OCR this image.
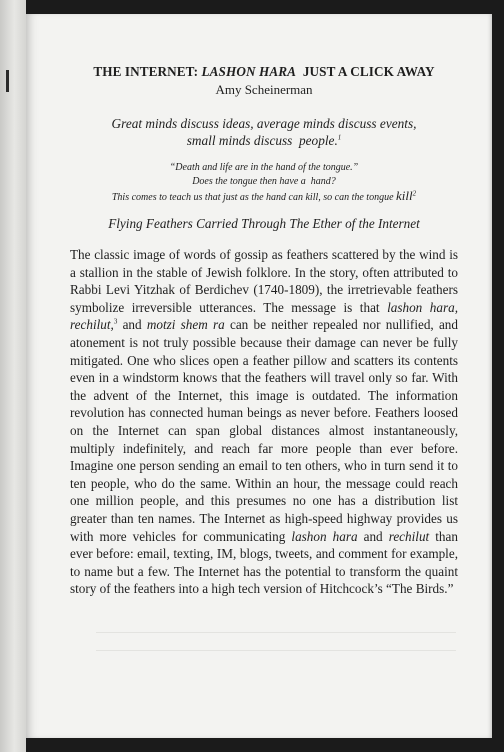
THE INTERNET: LASHON HARA  JUST A CLICK AWAY
Amy Scheinerman
Great minds discuss ideas, average minds discuss events,
small minds discuss  people.$^1$
“Death and life are in the hand of the tongue.”
Does the tongue then have a  hand?
This comes to teach us that just as the hand can kill, so can the tongue kill$^2$
Flying Feathers Carried Through The Ether of the Internet

The classic image of words of gossip as feathers scattered by the wind is a stallion in the stable of Jewish folklore. In the story, often attributed to Rabbi Levi Yitzhak of Berdichev (1740-1809), the irretrievable feathers symbolize irreversible utterances. The message is that lashon hara, rechilut,$^3$ and motzi shem ra can be neither repealed nor nullified, and atonement is not truly possible because their damage can never be fully mitigated. One who slices open a feather pillow and scatters its contents even in a windstorm knows that the feathers will travel only so far. With the advent of the Internet, this image is outdated. The information revolution has connected human beings as never before. Feathers loosed on the Internet can span global distances almost instantaneously, multiply indefinitely, and reach far more people than ever before. Imagine one person sending an email to ten others, who in turn send it to ten people, who do the same. Within an hour, the message could reach one million people, and this presumes no one has a distribution list greater than ten names. The Internet as high-speed highway provides us with more vehicles for communicating lashon hara and rechilut than ever before: email, texting, IM, blogs, tweets, and comment for example, to name but a few. The Internet has the potential to transform the quaint story of the feathers into a high tech version of Hitchcock’s “The Birds.”
